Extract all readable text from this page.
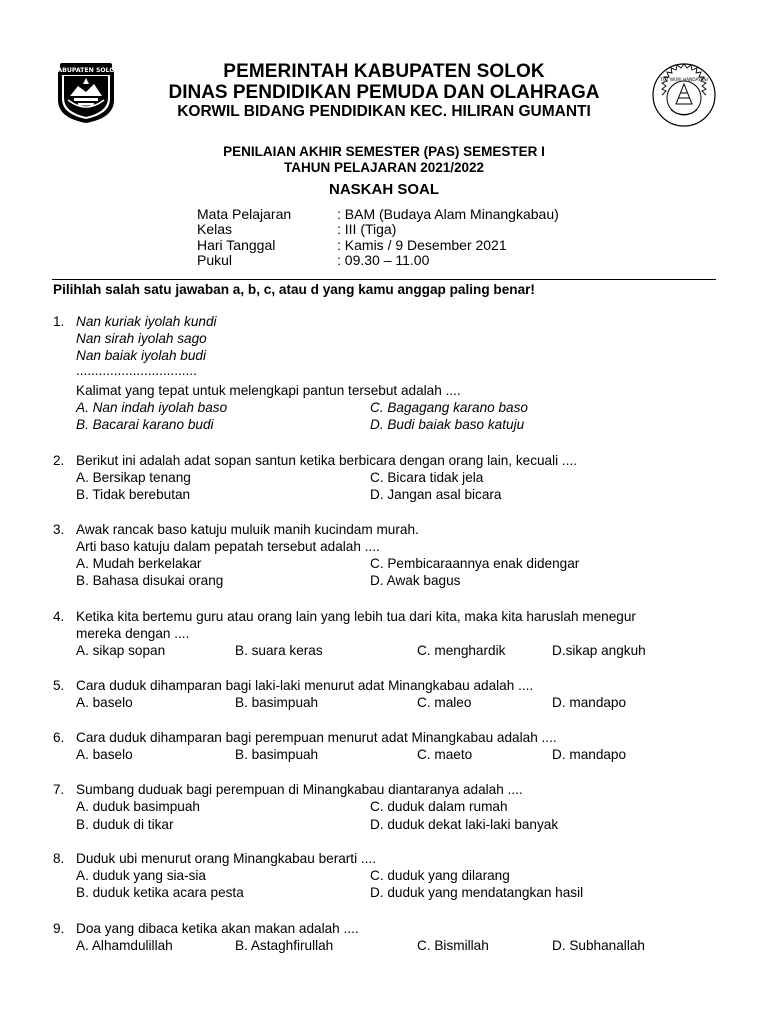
KABUPATEN SOLOK
TUT WURI HANDAYANI
PEMERINTAH KABUPATEN SOLOK
DINAS PENDIDIKAN PEMUDA DAN OLAHRAGA
KORWIL BIDANG PENDIDIKAN KEC. HILIRAN GUMANTI
PENILAIAN AKHIR SEMESTER (PAS) SEMESTER I
TAHUN PELAJARAN 2021/2022
NASKAH SOAL
Mata Pelajaran	: BAM (Budaya Alam Minangkabau)
Kelas	: III (Tiga)
Hari Tanggal	: Kamis / 9 Desember 2021
Pukul	: 09.30 – 11.00
Pilihlah salah satu jawaban a, b, c, atau d yang kamu anggap paling benar!
1. Nan kuriak iyolah kundi
Nan sirah iyolah sago
Nan baiak iyolah budi
................................
Kalimat yang tepat untuk melengkapi pantun tersebut adalah ....
A. Nan indah iyolah baso
B. Bacarai karano budi
C. Bagagang karano baso
D. Budi baiak baso katuju
2. Berikut ini adalah adat sopan santun ketika berbicara dengan orang lain, kecuali ....
A. Bersikap tenang
B. Tidak berebutan
C. Bicara tidak jela
D. Jangan asal bicara
3. Awak rancak baso katuju muluik manih kucindam murah.
Arti baso katuju dalam pepatah tersebut adalah ....
A. Mudah berkelakar
B. Bahasa disukai orang
C. Pembicaraannya enak didengar
D. Awak bagus
4. Ketika kita bertemu guru atau orang lain yang lebih tua dari kita, maka kita haruslah menegur
mereka dengan ....
A. sikap sopan	B. suara keras	C. menghardik	D.sikap angkuh
5. Cara duduk dihamparan bagi laki-laki menurut adat Minangkabau adalah ....
A. baselo	B. basimpuah	C. maleo	D. mandapo
6. Cara duduk dihamparan bagi perempuan menurut adat Minangkabau adalah ....
A. baselo	B. basimpuah	C. maeto	D. mandapo
7. Sumbang duduak bagi perempuan di Minangkabau diantaranya adalah ....
A. duduk basimpuah
B. duduk di tikar
C. duduk dalam rumah
D. duduk dekat laki-laki banyak
8. Duduk ubi menurut orang Minangkabau berarti ....
A. duduk yang sia-sia
B. duduk ketika acara pesta
C. duduk yang dilarang
D. duduk yang mendatangkan hasil
9. Doa yang dibaca ketika akan makan adalah ....
A. Alhamdulillah	B. Astaghfirullah	C. Bismillah	D. Subhanallah
